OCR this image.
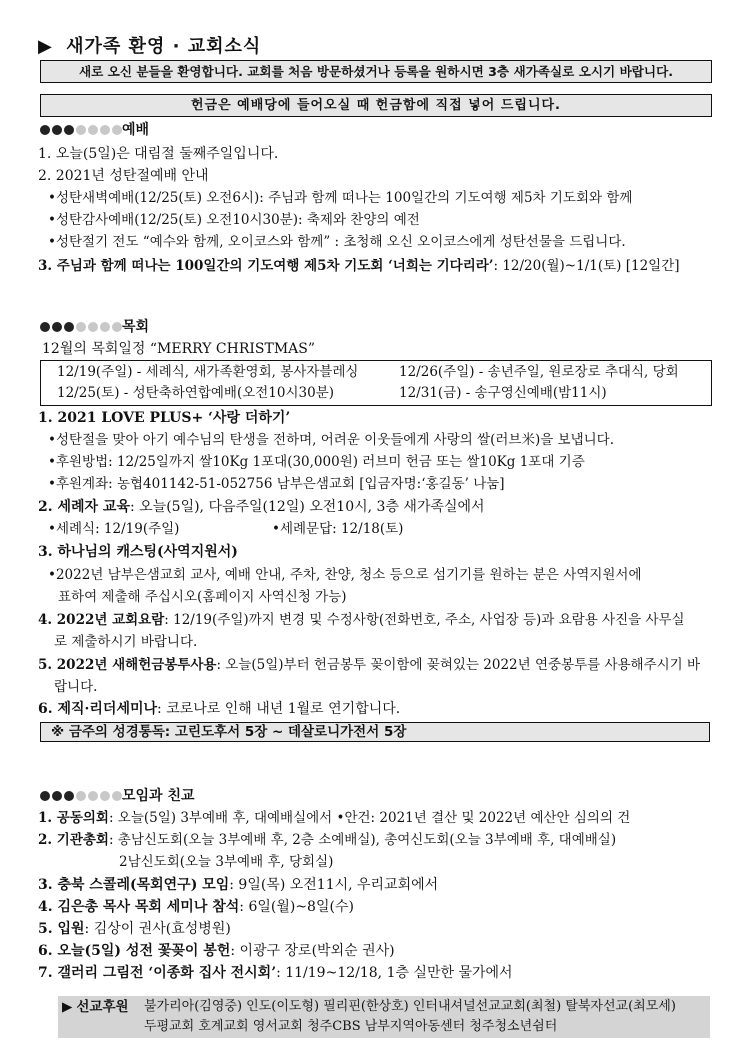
▶ 새가족 환영 · 교회소식
새로 오신 분들을 환영합니다. 교회를 처음 방문하셨거나 등록을 원하시면 3층 새가족실로 오시기 바랍니다.
헌금은 예배당에 들어오실 때 헌금함에 직접 넣어 드립니다.
예배
1. 오늘(5일)은 대림절 둘째주일입니다.
2. 2021년 성탄절예배 안내
•성탄새벽예배(12/25(토) 오전6시): 주님과 함께 떠나는 100일간의 기도여행 제5차 기도회와 함께
•성탄감사예배(12/25(토) 오전10시30분): 축제와 찬양의 예전
•성탄절기 전도 “예수와 함께, 오이코스와 함께” : 초청해 오신 오이코스에게 성탄선물을 드립니다.
3. 주님과 함께 떠나는 100일간의 기도여행 제5차 기도회 ‘너희는 기다리라’: 12/20(월)~1/1(토) [12일간]
목회
12월의 목회일정 “MERRY CHRISTMAS”
12/19(주일) - 세례식, 새가족환영회, 봉사자블레싱	12/26(주일) - 송년주일, 원로장로 추대식, 당회
12/25(토) - 성탄축하연합예배(오전10시30분)	12/31(금) - 송구영신예배(밤11시)
1. 2021 LOVE PLUS+ ‘사랑 더하기’
•성탄절을 맞아 아기 예수님의 탄생을 전하며, 어려운 이웃들에게 사랑의 쌀(러브米)을 보냅니다.
•후원방법: 12/25일까지 쌀10Kg 1포대(30,000원) 러브미 헌금 또는 쌀10Kg 1포대 기증
•후원계좌: 농협401142-51-052756 남부은샘교회 [입금자명:‘홍길동’ 나눔]
2. 세례자 교육: 오늘(5일), 다음주일(12일) 오전10시, 3층 새가족실에서
•세례식: 12/19(주일)	•세례문답: 12/18(토)
3. 하나님의 캐스팅(사역지원서)
•2022년 남부은샘교회 교사, 예배 안내, 주차, 찬양, 청소 등으로 섬기기를 원하는 분은 사역지원서에
표하여 제출해 주십시오(홈페이지 사역신청 가능)
4. 2022년 교회요람: 12/19(주일)까지 변경 및 수정사항(전화번호, 주소, 사업장 등)과 요람용 사진을 사무실
로 제출하시기 바랍니다.
5. 2022년 새해헌금봉투사용: 오늘(5일)부터 헌금봉투 꽂이함에 꽂혀있는 2022년 연중봉투를 사용해주시기 바
랍니다.
6. 제직·리더세미나: 코로나로 인해 내년 1월로 연기합니다.
※ 금주의 성경통독: 고린도후서 5장 ~ 데살로니가전서 5장
모임과 친교
1. 공동의회: 오늘(5일) 3부예배 후, 대예배실에서 •안건: 2021년 결산 및 2022년 예산안 심의의 건
2. 기관총회: 총남신도회(오늘 3부예배 후, 2층 소예배실), 총여신도회(오늘 3부예배 후, 대예배실)
2남신도회(오늘 3부예배 후, 당회실)
3. 충북 스콜레(목회연구) 모임: 9일(목) 오전11시, 우리교회에서
4. 김은총 목사 목회 세미나 참석: 6일(월)~8일(수)
5. 입원: 김상이 권사(효성병원)
6. 오늘(5일) 성전 꽃꽂이 봉헌: 이광구 장로(박외순 권사)
7. 갤러리 그림전 ‘이종화 집사 전시회’: 11/19~12/18, 1층 실만한 물가에서
▶ 선교후원 불가리아(김영중) 인도(이도형) 필리핀(한상호) 인터내셔널선교교회(최철) 탈북자선교(최모세)
두평교회 호계교회 영서교회 청주CBS 남부지역아동센터 청주청소년쉼터
